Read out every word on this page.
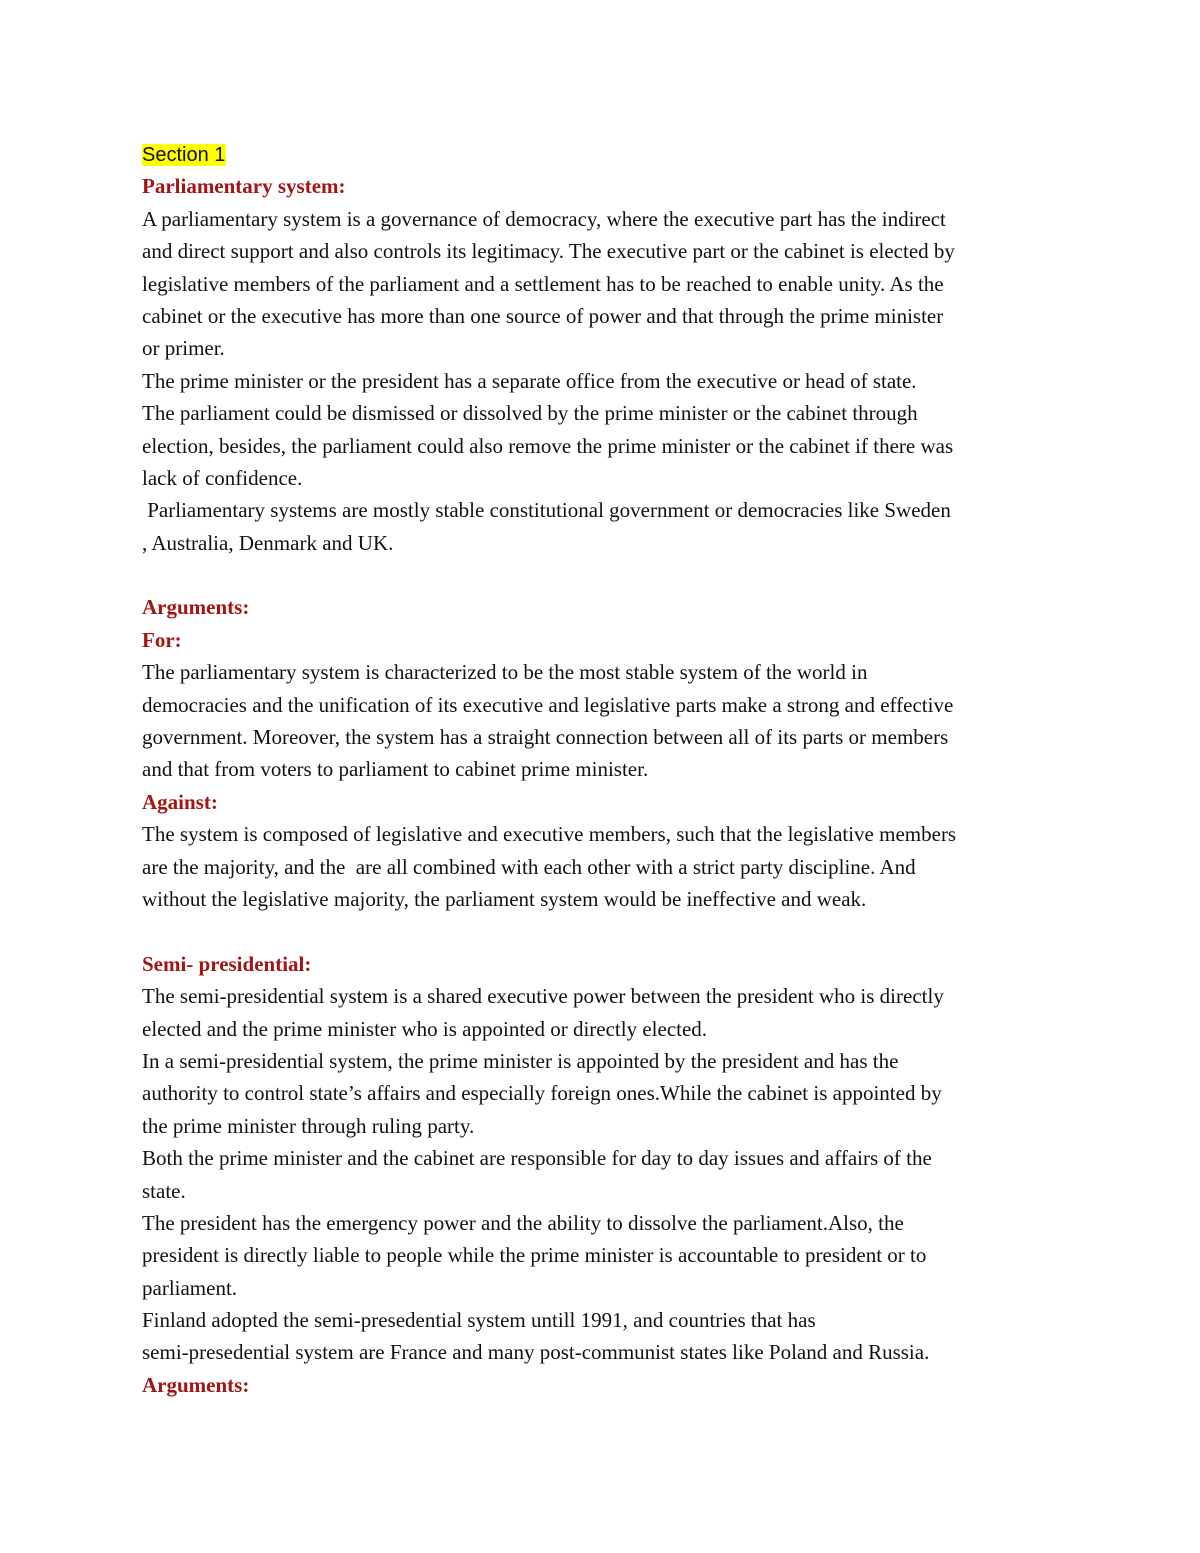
Section 1
Parliamentary system:
A parliamentary system is a governance of democracy, where the executive part has the indirect
and direct support and also controls its legitimacy. The executive part or the cabinet is elected by
legislative members of the parliament and a settlement has to be reached to enable unity. As the
cabinet or the executive has more than one source of power and that through the prime minister
or primer.
The prime minister or the president has a separate office from the executive or head of state.
The parliament could be dismissed or dissolved by the prime minister or the cabinet through
election, besides, the parliament could also remove the prime minister or the cabinet if there was
lack of confidence.
Parliamentary systems are mostly stable constitutional government or democracies like Sweden
, Australia, Denmark and UK.
Arguments:
For:
The parliamentary system is characterized to be the most stable system of the world in
democracies and the unification of its executive and legislative parts make a strong and effective
government. Moreover, the system has a straight connection between all of its parts or members
and that from voters to parliament to cabinet prime minister.
Against:
The system is composed of legislative and executive members, such that the legislative members
are the majority, and the  are all combined with each other with a strict party discipline. And
without the legislative majority, the parliament system would be ineffective and weak.
Semi- presidential:
The semi-presidential system is a shared executive power between the president who is directly
elected and the prime minister who is appointed or directly elected.
In a semi-presidential system, the prime minister is appointed by the president and has the
authority to control state’s affairs and especially foreign ones.While the cabinet is appointed by
the prime minister through ruling party.
Both the prime minister and the cabinet are responsible for day to day issues and affairs of the
state.
The president has the emergency power and the ability to dissolve the parliament.Also, the
president is directly liable to people while the prime minister is accountable to president or to
parliament.
Finland adopted the semi-presedential system untill 1991, and countries that has
semi-presedential system are France and many post-communist states like Poland and Russia.
Arguments:
